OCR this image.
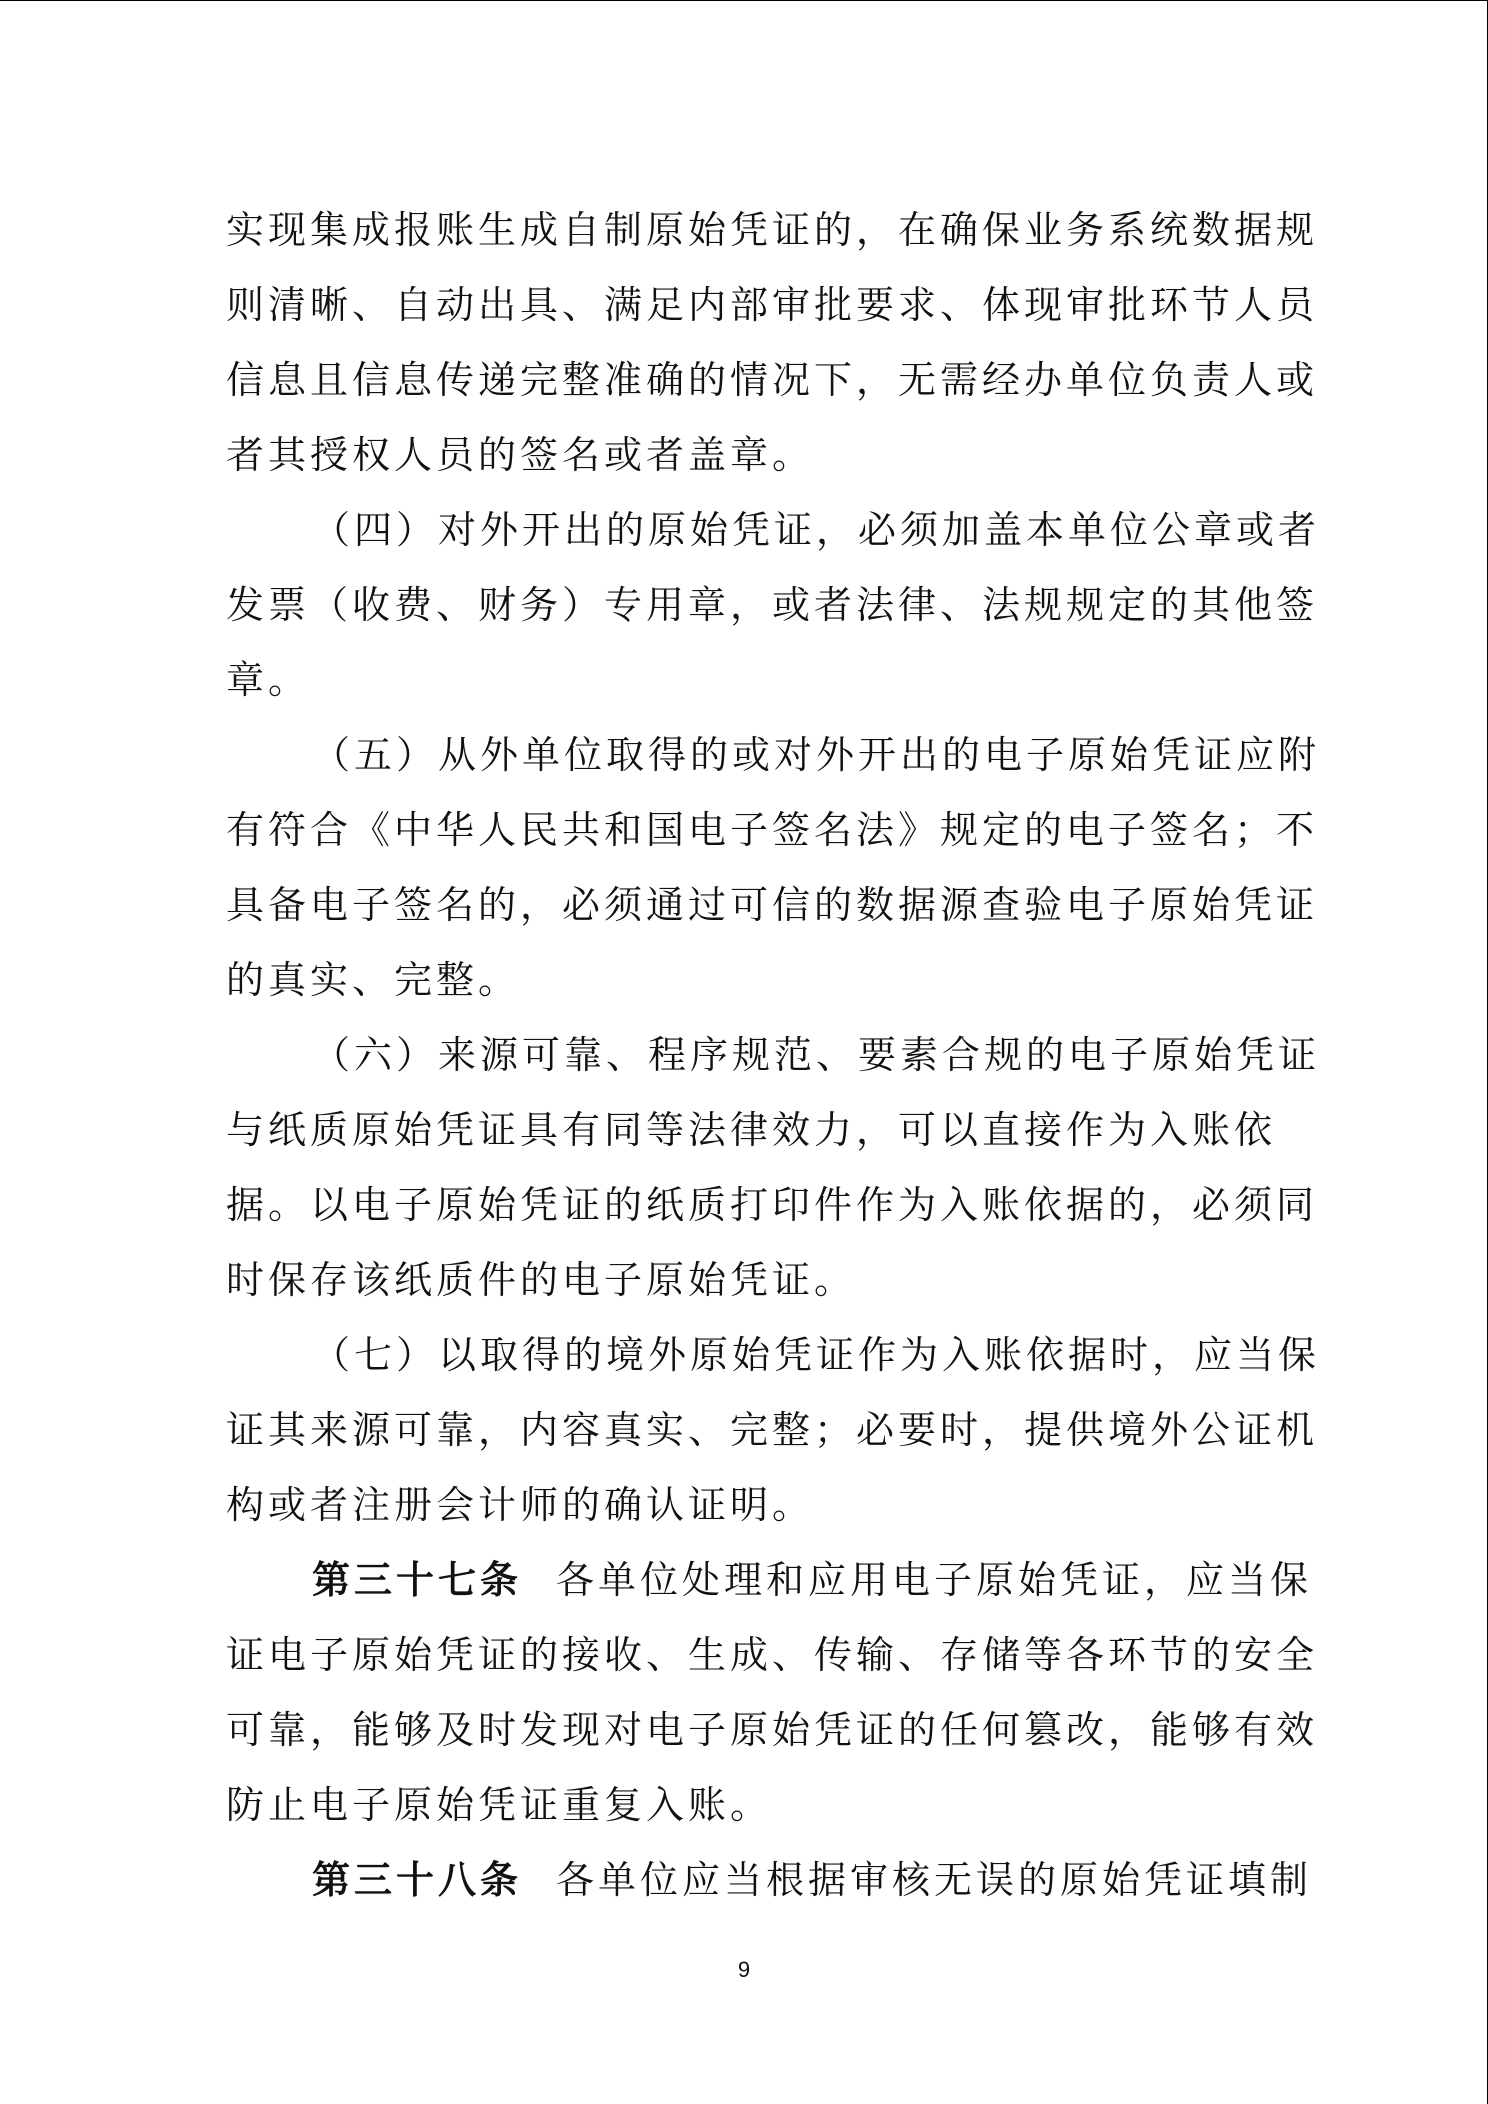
实现集成报账生成自制原始凭证的，在确保业务系统数据规
则清晰、自动出具、满足内部审批要求、体现审批环节人员
信息且信息传递完整准确的情况下，无需经办单位负责人或
者其授权人员的签名或者盖章。
（四）对外开出的原始凭证，必须加盖本单位公章或者
发票（收费、财务）专用章，或者法律、法规规定的其他签
章。
（五）从外单位取得的或对外开出的电子原始凭证应附
有符合《中华人民共和国电子签名法》规定的电子签名；不
具备电子签名的，必须通过可信的数据源查验电子原始凭证
的真实、完整。
（六）来源可靠、程序规范、要素合规的电子原始凭证
与纸质原始凭证具有同等法律效力，可以直接作为入账依
据。以电子原始凭证的纸质打印件作为入账依据的，必须同
时保存该纸质件的电子原始凭证。
（七）以取得的境外原始凭证作为入账依据时，应当保
证其来源可靠，内容真实、完整；必要时，提供境外公证机
构或者注册会计师的确认证明。
第三十七条 各单位处理和应用电子原始凭证，应当保
证电子原始凭证的接收、生成、传输、存储等各环节的安全
可靠，能够及时发现对电子原始凭证的任何篡改，能够有效
防止电子原始凭证重复入账。
第三十八条 各单位应当根据审核无误的原始凭证填制
9
